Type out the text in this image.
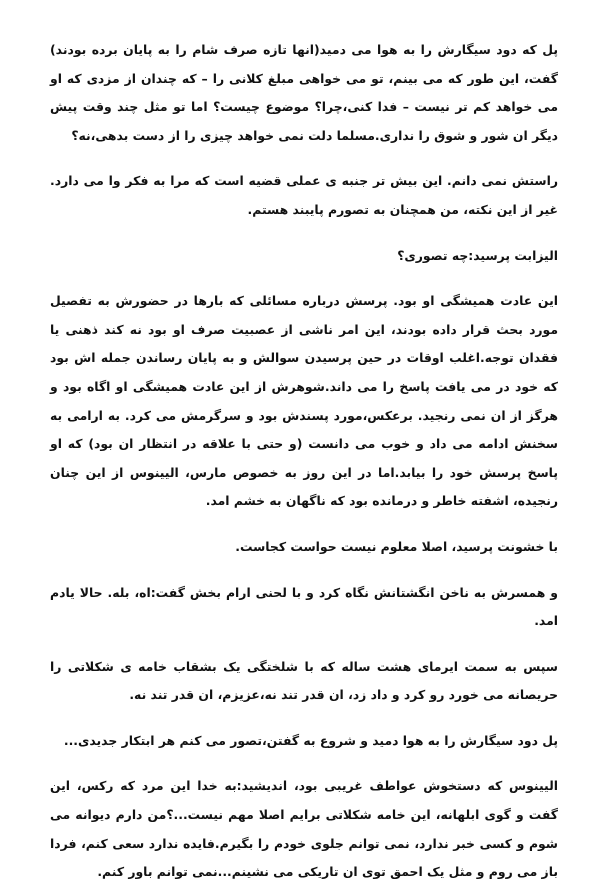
پل که دود سیگارش را به هوا می دمید(انها تازه صرف شام را به پایان برده بودند) گفت، این طور که می بینم، تو می خواهی مبلغ کلانی را – که چندان از مزدی که او می خواهد کم تر نیست – فدا کنی،چرا؟ موضوع چیست؟ اما تو مثل چند وقت پیش دیگر ان شور و شوق را نداری.مسلما دلت نمی خواهد چیزی را از دست بدهی،نه؟

راستش نمی دانم. این بیش تر جنبه ی عملی قضیه است که مرا به فکر وا می دارد. غیر از این نکته، من همچنان به تصورم پایبند هستم.

الیزابت پرسید:چه تصوری؟

این عادت همیشگی او بود. پرسش درباره مسائلی که بارها در حضورش به تفصیل مورد بحث قرار داده بودند، این امر ناشی از عصبیت صرف او بود نه کند ذهنی یا فقدان توجه.اغلب اوقات در حین پرسیدن سوالش و به پایان رساندن جمله اش بود که خود در می یافت پاسخ را می داند.شوهرش از این عادت همیشگی او اگاه بود و هرگز از ان نمی رنجید. برعکس،مورد پسندش بود و سرگرمش می کرد. به ارامی به سخنش ادامه می داد و خوب می دانست (و حتی با علاقه در انتظار ان بود) که او پاسخ پرسش خود را بیابد.اما در این روز به خصوص مارس، الیینوس از این چنان رنجیده، اشفته خاطر و درمانده بود که ناگهان به خشم امد.

با خشونت پرسید، اصلا معلوم نیست حواست کجاست.

و همسرش به ناخن انگشتانش نگاه کرد و با لحنی ارام بخش گفت:اه، بله. حالا یادم امد.

سپس به سمت ایرمای هشت ساله که با شلختگی یک بشقاب خامه ی شکلاتی را حریصانه می خورد رو کرد و داد زد، ان قدر تند نه،عزیزم، ان قدر تند نه.

پل دود سیگارش را به هوا دمید و شروع به گفتن،تصور می کنم هر ابتکار جدیدی...

الیینوس که دستخوش عواطف غریبی بود، اندیشید:به خدا این مرد که رکس، این گفت و گوی ابلهانه، این خامه شکلاتی برایم اصلا مهم نیست...؟من دارم دیوانه می شوم و کسی خبر ندارد، نمی توانم جلوی خودم را بگیرم.فایده ندارد سعی کنم، فردا باز می روم و مثل یک احمق توی ان تاریکی می نشینم...نمی توانم باور کنم.
